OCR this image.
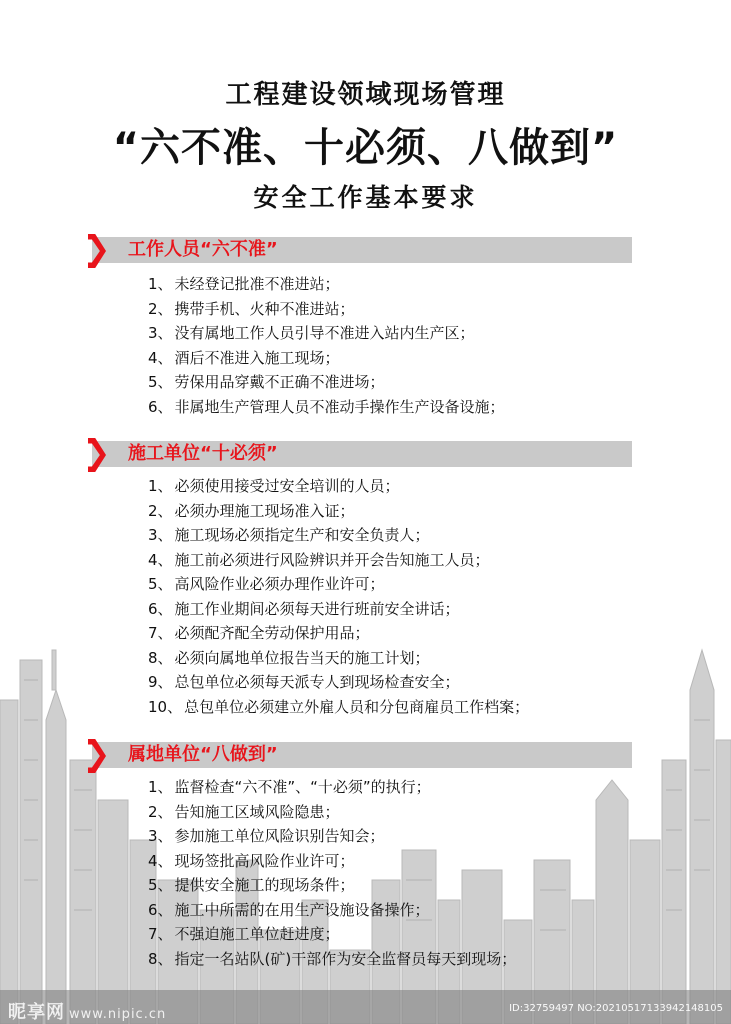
工程建设领域现场管理
“六不准、十必须、八做到”
安全工作基本要求
工作人员“六不准”
1、 未经登记批准不准进站；
2、 携带手机、火种不准进站；
3、 没有属地工作人员引导不准进入站内生产区；
4、 酒后不准进入施工现场；
5、 劳保用品穿戴不正确不准进场；
6、 非属地生产管理人员不准动手操作生产设备设施；
施工单位“十必须”
1、 必须使用接受过安全培训的人员；
2、 必须办理施工现场准入证；
3、 施工现场必须指定生产和安全负责人；
4、 施工前必须进行风险辨识并开会告知施工人员；
5、 高风险作业必须办理作业许可；
6、 施工作业期间必须每天进行班前安全讲话；
7、 必须配齐配全劳动保护用品；
8、 必须向属地单位报告当天的施工计划；
9、 总包单位必须每天派专人到现场检查安全；
10、 总包单位必须建立外雇人员和分包商雇员工作档案；
属地单位“八做到”
1、 监督检查“六不准”、“十必须”的执行；
2、 告知施工区域风险隐患；
3、 参加施工单位风险识别告知会；
4、 现场签批高风险作业许可；
5、 提供安全施工的现场条件；
6、 施工中所需的在用生产设施设备操作；
7、 不强迫施工单位赶进度；
8、 指定一名站队(矿)干部作为安全监督员每天到现场；
昵享网 www.nipic.cn	ID:32759497 NO:20210517133942148105
